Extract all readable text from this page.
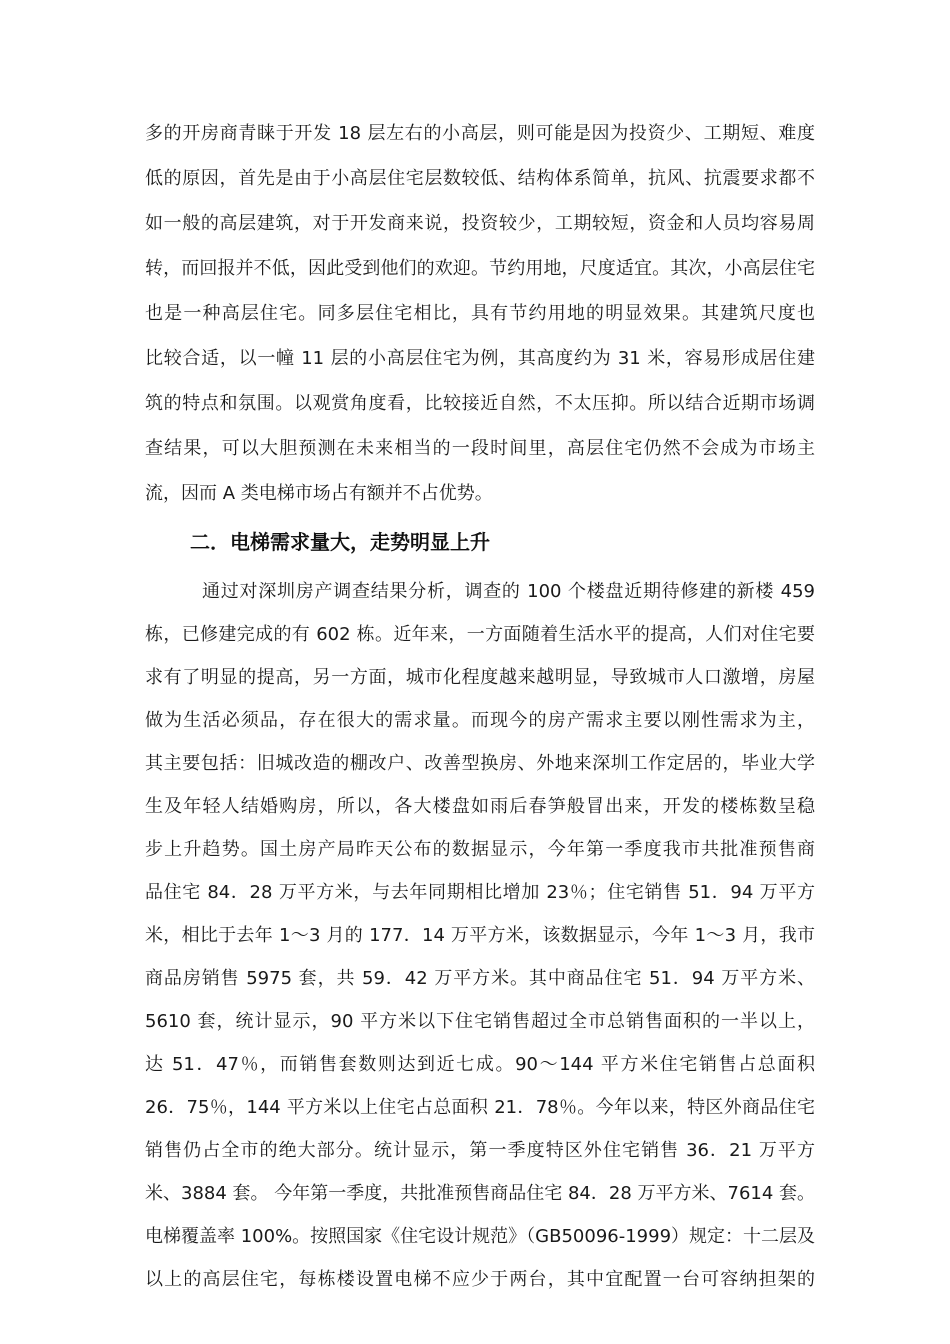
多的开房商青睐于开发 18 层左右的小高层，则可能是因为投资少、工期短、难度
低的原因，首先是由于小高层住宅层数较低、结构体系简单，抗风、抗震要求都不
如一般的高层建筑，对于开发商来说，投资较少，工期较短，资金和人员均容易周
转，而回报并不低，因此受到他们的欢迎。节约用地，尺度适宜。其次，小高层住宅
也是一种高层住宅。同多层住宅相比，具有节约用地的明显效果。其建筑尺度也
比较合适，以一幢 11 层的小高层住宅为例，其高度约为 31 米，容易形成居住建
筑的特点和氛围。以观赏角度看，比较接近自然，不太压抑。所以结合近期市场调
查结果，可以大胆预测在未来相当的一段时间里，高层住宅仍然不会成为市场主
流，因而 A 类电梯市场占有额并不占优势。
二．电梯需求量大，走势明显上升
通过对深圳房产调查结果分析，调查的 100 个楼盘近期待修建的新楼 459
栋，已修建完成的有 602 栋。近年来，一方面随着生活水平的提高，人们对住宅要
求有了明显的提高，另一方面，城市化程度越来越明显，导致城市人口激增，房屋
做为生活必须品，存在很大的需求量。而现今的房产需求主要以刚性需求为主，
其主要包括：旧城改造的棚改户、改善型换房、外地来深圳工作定居的，毕业大学
生及年轻人结婚购房，所以，各大楼盘如雨后春笋般冒出来，开发的楼栋数呈稳
步上升趋势。国土房产局昨天公布的数据显示，今年第一季度我市共批准预售商
品住宅 84．28 万平方米，与去年同期相比增加 23％；住宅销售 51．94 万平方
米，相比于去年 1～3 月的 177．14 万平方米，该数据显示，今年 1～3 月，我市
商品房销售 5975 套，共 59．42 万平方米。其中商品住宅 51．94 万平方米、
5610 套，统计显示，90 平方米以下住宅销售超过全市总销售面积的一半以上，
达 51．47％，而销售套数则达到近七成。90～144 平方米住宅销售占总面积
26．75％，144 平方米以上住宅占总面积 21．78％。今年以来，特区外商品住宅
销售仍占全市的绝大部分。统计显示，第一季度特区外住宅销售 36．21 万平方
米、3884 套。 今年第一季度，共批准预售商品住宅 84．28 万平方米、7614 套。
电梯覆盖率 100%。按照国家《住宅设计规范》（GB50096-1999）规定：十二层及
以上的高层住宅，每栋楼设置电梯不应少于两台，其中宜配置一台可容纳担架的
